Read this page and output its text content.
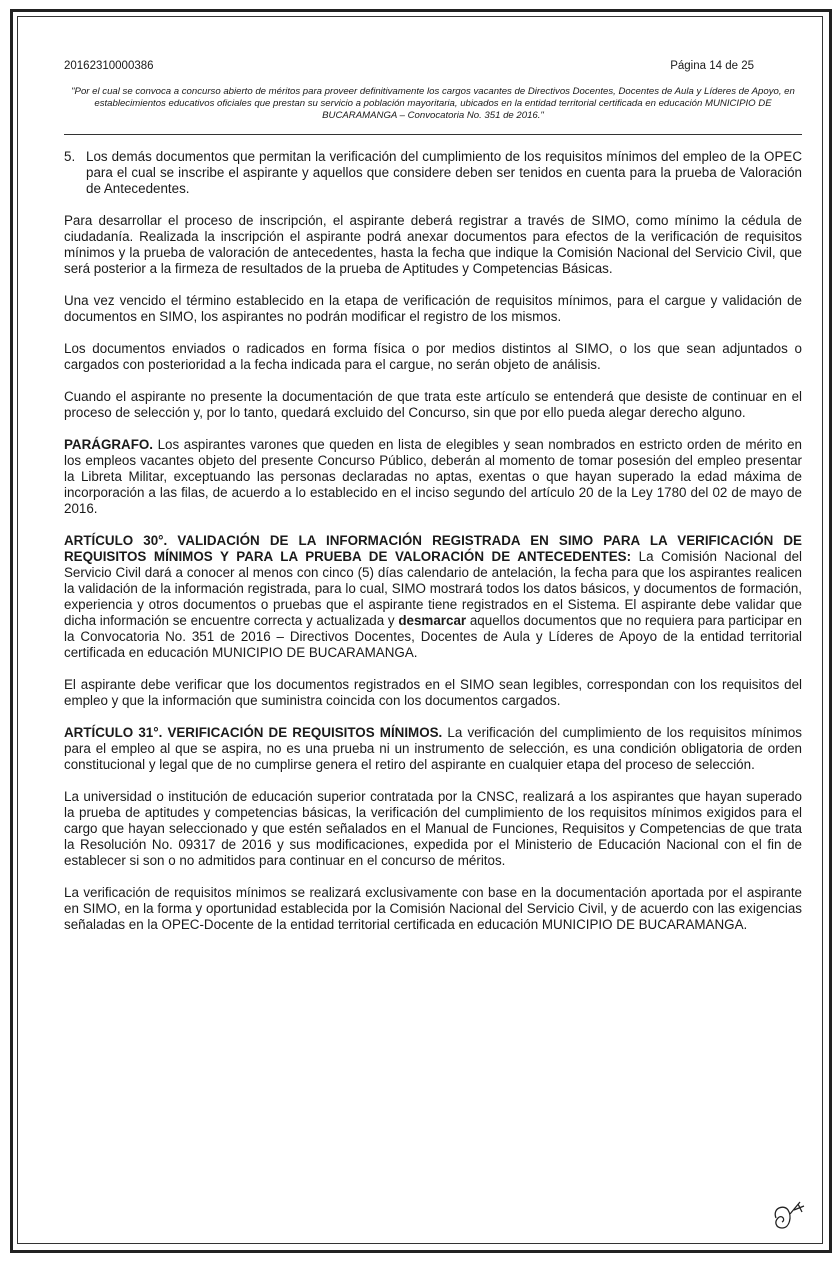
20162310000386	Página 14 de 25
"Por el cual se convoca a concurso abierto de méritos para proveer definitivamente los cargos vacantes de Directivos Docentes, Docentes de Aula y Líderes de Apoyo, en establecimientos educativos oficiales que prestan su servicio a población mayoritaria, ubicados en la entidad territorial certificada en educación MUNICIPIO DE BUCARAMANGA – Convocatoria No. 351 de 2016."

5. Los demás documentos que permitan la verificación del cumplimiento de los requisitos mínimos del empleo de la OPEC para el cual se inscribe el aspirante y aquellos que considere deben ser tenidos en cuenta para la prueba de Valoración de Antecedentes.

Para desarrollar el proceso de inscripción, el aspirante deberá registrar a través de SIMO, como mínimo la cédula de ciudadanía. Realizada la inscripción el aspirante podrá anexar documentos para efectos de la verificación de requisitos mínimos y la prueba de valoración de antecedentes, hasta la fecha que indique la Comisión Nacional del Servicio Civil, que será posterior a la firmeza de resultados de la prueba de Aptitudes y Competencias Básicas.

Una vez vencido el término establecido en la etapa de verificación de requisitos mínimos, para el cargue y validación de documentos en SIMO, los aspirantes no podrán modificar el registro de los mismos.

Los documentos enviados o radicados en forma física o por medios distintos al SIMO, o los que sean adjuntados o cargados con posterioridad a la fecha indicada para el cargue, no serán objeto de análisis.

Cuando el aspirante no presente la documentación de que trata este artículo se entenderá que desiste de continuar en el proceso de selección y, por lo tanto, quedará excluido del Concurso, sin que por ello pueda alegar derecho alguno.

PARÁGRAFO. Los aspirantes varones que queden en lista de elegibles y sean nombrados en estricto orden de mérito en los empleos vacantes objeto del presente Concurso Público, deberán al momento de tomar posesión del empleo presentar la Libreta Militar, exceptuando las personas declaradas no aptas, exentas o que hayan superado la edad máxima de incorporación a las filas, de acuerdo a lo establecido en el inciso segundo del artículo 20 de la Ley 1780 del 02 de mayo de 2016.

ARTÍCULO 30°. VALIDACIÓN DE LA INFORMACIÓN REGISTRADA EN SIMO PARA LA VERIFICACIÓN DE REQUISITOS MÍNIMOS Y PARA LA PRUEBA DE VALORACIÓN DE ANTECEDENTES: La Comisión Nacional del Servicio Civil dará a conocer al menos con cinco (5) días calendario de antelación, la fecha para que los aspirantes realicen la validación de la información registrada, para lo cual, SIMO mostrará todos los datos básicos, y documentos de formación, experiencia y otros documentos o pruebas que el aspirante tiene registrados en el Sistema. El aspirante debe validar que dicha información se encuentre correcta y actualizada y desmarcar aquellos documentos que no requiera para participar en la Convocatoria No. 351 de 2016 – Directivos Docentes, Docentes de Aula y Líderes de Apoyo de la entidad territorial certificada en educación MUNICIPIO DE BUCARAMANGA.

El aspirante debe verificar que los documentos registrados en el SIMO sean legibles, correspondan con los requisitos del empleo y que la información que suministra coincida con los documentos cargados.

ARTÍCULO 31°. VERIFICACIÓN DE REQUISITOS MÍNIMOS. La verificación del cumplimiento de los requisitos mínimos para el empleo al que se aspira, no es una prueba ni un instrumento de selección, es una condición obligatoria de orden constitucional y legal que de no cumplirse genera el retiro del aspirante en cualquier etapa del proceso de selección.

La universidad o institución de educación superior contratada por la CNSC, realizará a los aspirantes que hayan superado la prueba de aptitudes y competencias básicas, la verificación del cumplimiento de los requisitos mínimos exigidos para el cargo que hayan seleccionado y que estén señalados en el Manual de Funciones, Requisitos y Competencias de que trata la Resolución No. 09317 de 2016 y sus modificaciones, expedida por el Ministerio de Educación Nacional con el fin de establecer si son o no admitidos para continuar en el concurso de méritos.

La verificación de requisitos mínimos se realizará exclusivamente con base en la documentación aportada por el aspirante en SIMO, en la forma y oportunidad establecida por la Comisión Nacional del Servicio Civil, y de acuerdo con las exigencias señaladas en la OPEC-Docente de la entidad territorial certificada en educación MUNICIPIO DE BUCARAMANGA.
